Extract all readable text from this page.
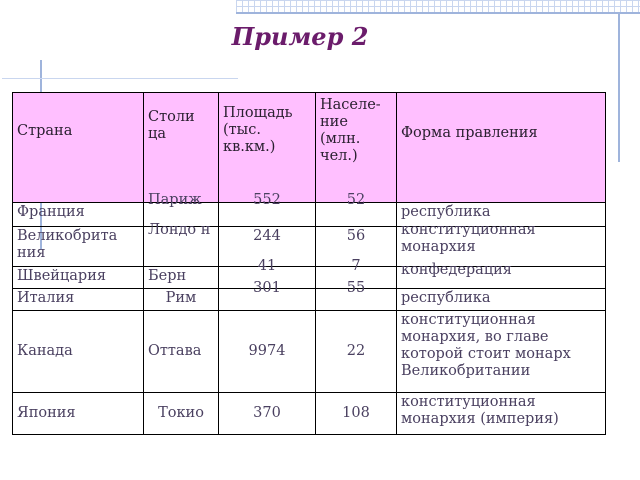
Пример 2
Страна	Столи ца	Площадь (тыс. кв.км.)	Населе-ние (млн. чел.)	Форма правления
Франция	Париж	552	52	республика
Великобрита ния	Лондо н	244	56	конституционная монархия
Швейцария	Берн	41	7	конфедерация
Италия	Рим	301	55	республика
Канада	Оттава	9974	22	конституционная монархия, во главе которой стоит монарх Великобритании
Япония	Токио	370	108	конституционная монархия (империя)
